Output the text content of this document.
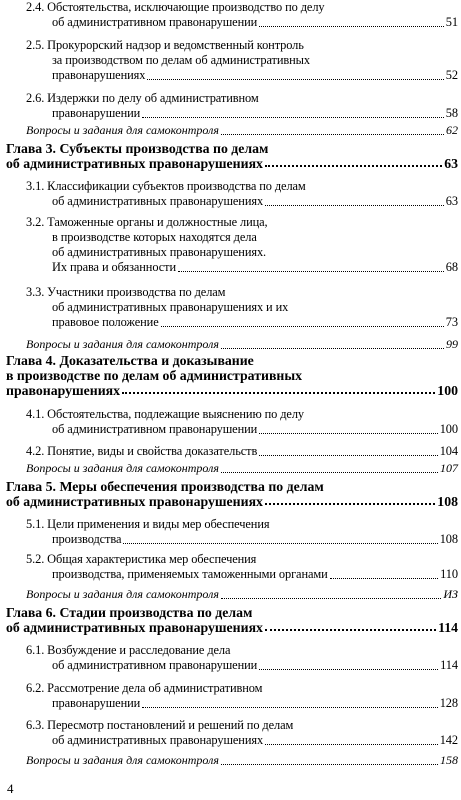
2.4. Обстоятельства, исключающие производство по делу
об административном правонарушении	51
2.5. Прокурорский надзор и ведомственный контроль
за производством по делам об административных
правонарушениях	52
2.6. Издержки по делу об административном
правонарушении	58
Вопросы и задания для самоконтроля	62
Глава 3. Субъекты производства по делам
об административных правонарушениях	63
3.1. Классификации субъектов производства по делам
об административных правонарушениях	63
3.2. Таможенные органы и должностные лица,
в производстве которых находятся дела
об административных правонарушениях.
Их права и обязанности	68
3.3. Участники производства по делам
об административных правонарушениях и их
правовое положение	73
Вопросы и задания для самоконтроля	99
Глава 4. Доказательства и доказывание
в производстве по делам об административных
правонарушениях	100
4.1. Обстоятельства, подлежащие выяснению по делу
об административном правонарушении	100
4.2. Понятие, виды и свойства доказательств	104
Вопросы и задания для самоконтроля	107
Глава 5. Меры обеспечения производства по делам
об административных правонарушениях	108
5.1. Цели применения и виды мер обеспечения
производства	108
5.2. Общая характеристика мер обеспечения
производства, применяемых таможенными органами	110
Вопросы и задания для самоконтроля	ИЗ
Глава 6. Стадии производства по делам
об административных правонарушениях	114
6.1. Возбуждение и расследование дела
об административном правонарушении	114
6.2. Рассмотрение дела об административном
правонарушении	128
6.3. Пересмотр постановлений и решений по делам
об административных правонарушениях	142
Вопросы и задания для самоконтроля	158
4
